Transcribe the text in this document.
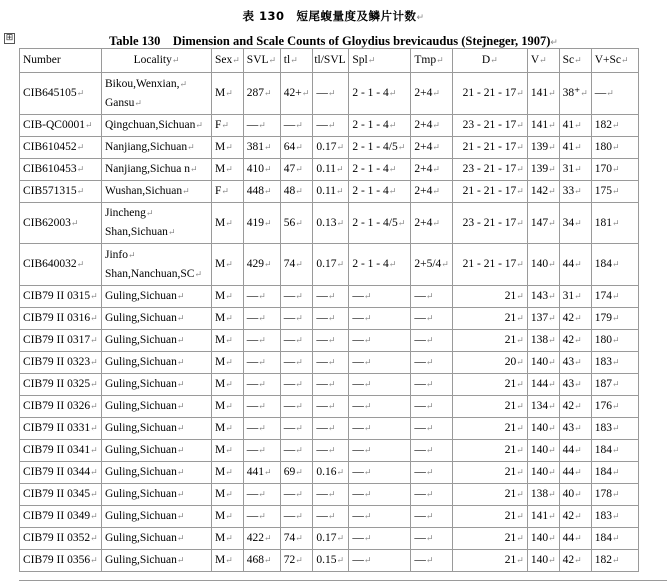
表 130　短尾蝮量度及鳞片计数↵
Table 130　Dimension and Scale Counts of Gloydius brevicaudus (Stejneger, 1907)↵
⊞
Number	Locality↵	Sex↵	SVL↵	tl↵	tl/SVL	Spl↵	Tmp↵	D↵	V↵	Sc↵	V+Sc↵
CIB645105↵	Bikou,Wenxian,↵
Gansu↵	M↵	287↵	42+↵	—↵	2 - 1 - 4↵	2+4↵	21 - 21 - 17↵	141↵	38⁺↵	—↵
CIB-QC0001↵	Qingchuan,Sichuan↵	F↵	—↵	—↵	—↵	2 - 1 - 4↵	2+4↵	23 - 21 - 17↵	141↵	41↵	182↵
CIB610452↵	Nanjiang,Sichuan↵	M↵	381↵	64↵	0.17↵	2 - 1 - 4/5↵	2+4↵	21 - 21 - 17↵	139↵	41↵	180↵
CIB610453↵	Nanjiang,Sichua n↵	M↵	410↵	47↵	0.11↵	2 - 1 - 4↵	2+4↵	23 - 21 - 17↵	139↵	31↵	170↵
CIB571315↵	Wushan,Sichuan↵	F↵	448↵	48↵	0.11↵	2 - 1 - 4↵	2+4↵	21 - 21 - 17↵	142↵	33↵	175↵
CIB62003↵	Jincheng↵
Shan,Sichuan↵	M↵	419↵	56↵	0.13↵	2 - 1 - 4/5↵	2+4↵	23 - 21 - 17↵	147↵	34↵	181↵
CIB640032↵	Jinfo↵
Shan,Nanchuan,SC↵	M↵	429↵	74↵	0.17↵	2 - 1 - 4↵	2+5/4↵	21 - 21 - 17↵	140↵	44↵	184↵
CIB79 II 0315↵	Guling,Sichuan↵	M↵	—↵	—↵	—↵	—↵	—↵	21↵	143↵	31↵	174↵
CIB79 II 0316↵	Guling,Sichuan↵	M↵	—↵	—↵	—↵	—↵	—↵	21↵	137↵	42↵	179↵
CIB79 II 0317↵	Guling,Sichuan↵	M↵	—↵	—↵	—↵	—↵	—↵	21↵	138↵	42↵	180↵
CIB79 II 0323↵	Guling,Sichuan↵	M↵	—↵	—↵	—↵	—↵	—↵	20↵	140↵	43↵	183↵
CIB79 II 0325↵	Guling,Sichuan↵	M↵	—↵	—↵	—↵	—↵	—↵	21↵	144↵	43↵	187↵
CIB79 II 0326↵	Guling,Sichuan↵	M↵	—↵	—↵	—↵	—↵	—↵	21↵	134↵	42↵	176↵
CIB79 II 0331↵	Guling,Sichuan↵	M↵	—↵	—↵	—↵	—↵	—↵	21↵	140↵	43↵	183↵
CIB79 II 0341↵	Guling,Sichuan↵	M↵	—↵	—↵	—↵	—↵	—↵	21↵	140↵	44↵	184↵
CIB79 II 0344↵	Guling,Sichuan↵	M↵	441↵	69↵	0.16↵	—↵	—↵	21↵	140↵	44↵	184↵
CIB79 II 0345↵	Guling,Sichuan↵	M↵	—↵	—↵	—↵	—↵	—↵	21↵	138↵	40↵	178↵
CIB79 II 0349↵	Guling,Sichuan↵	M↵	—↵	—↵	—↵	—↵	—↵	21↵	141↵	42↵	183↵
CIB79 II 0352↵	Guling,Sichuan↵	M↵	422↵	74↵	0.17↵	—↵	—↵	21↵	140↵	44↵	184↵
CIB79 II 0356↵	Guling,Sichuan↵	M↵	468↵	72↵	0.15↵	—↵	—↵	21↵	140↵	42↵	182↵
